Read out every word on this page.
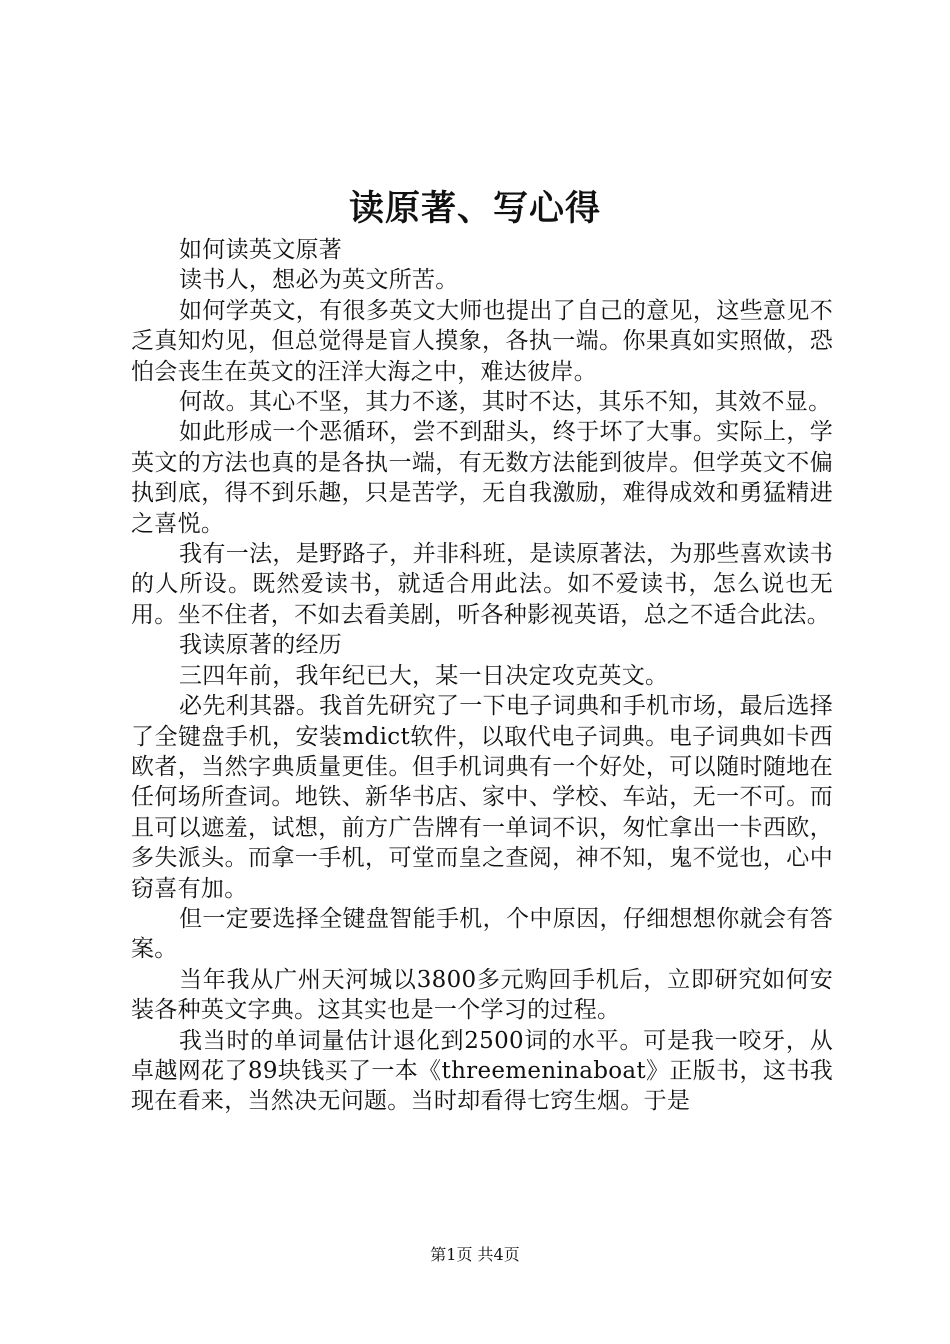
读原著、写心得

如何读英文原著

读书人，想必为英文所苦。

如何学英文，有很多英文大师也提出了自己的意见，这些意见不乏真知灼见，但总觉得是盲人摸象，各执一端。你果真如实照做，恐怕会丧生在英文的汪洋大海之中，难达彼岸。

何故。其心不坚，其力不遂，其时不达，其乐不知，其效不显。

如此形成一个恶循环，尝不到甜头，终于坏了大事。实际上，学英文的方法也真的是各执一端，有无数方法能到彼岸。但学英文不偏执到底，得不到乐趣，只是苦学，无自我激励，难得成效和勇猛精进之喜悦。

我有一法，是野路子，并非科班，是读原著法，为那些喜欢读书的人所设。既然爱读书，就适合用此法。如不爱读书，怎么说也无用。坐不住者，不如去看美剧，听各种影视英语，总之不适合此法。

我读原著的经历

三四年前，我年纪已大，某一日决定攻克英文。

必先利其器。我首先研究了一下电子词典和手机市场，最后选择了全键盘手机，安装mdict软件，以取代电子词典。电子词典如卡西欧者，当然字典质量更佳。但手机词典有一个好处，可以随时随地在任何场所查词。地铁、新华书店、家中、学校、车站，无一不可。而且可以遮羞，试想，前方广告牌有一单词不识，匆忙拿出一卡西欧，多失派头。而拿一手机，可堂而皇之查阅，神不知，鬼不觉也，心中窃喜有加。

但一定要选择全键盘智能手机，个中原因，仔细想想你就会有答案。

当年我从广州天河城以3800多元购回手机后，立即研究如何安装各种英文字典。这其实也是一个学习的过程。

我当时的单词量估计退化到2500词的水平。可是我一咬牙，从卓越网花了89块钱买了一本《threemeninaboat》正版书，这书我现在看来，当然决无问题。当时却看得七窍生烟。于是

第1页 共4页
